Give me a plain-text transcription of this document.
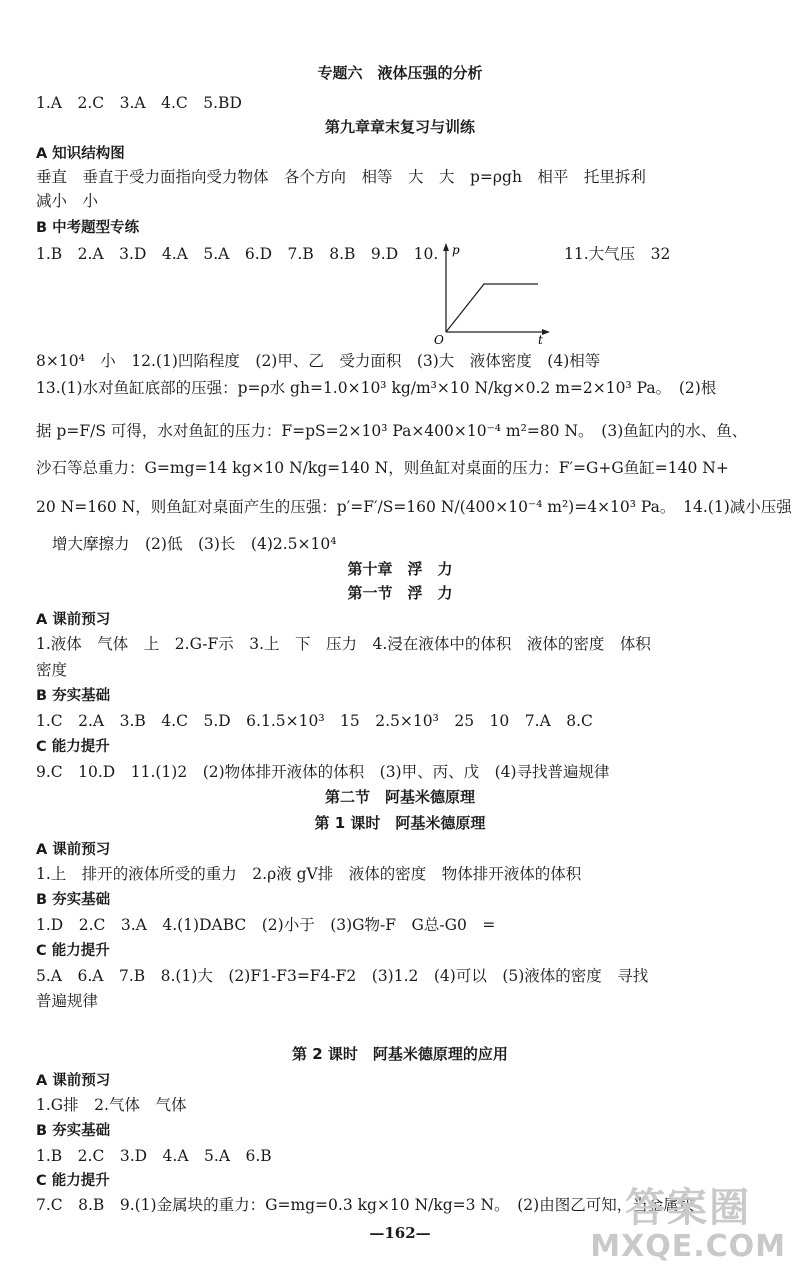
专题六　液体压强的分析
1.A　2.C　3.A　4.C　5.BD
第九章章末复习与训练
A 知识结构图
垂直　垂直于受力面指向受力物体　各个方向　相等　大　大　p=ρgh　相平　托里拆利
减小　小
B 中考题型专练
1.B　2.A　3.D　4.A　5.A　6.D　7.B　8.B　9.D　10.	11.大气压　32
p
t
O
8×10⁴　小　12.(1)凹陷程度　(2)甲、乙　受力面积　(3)大　液体密度　(4)相等
13.(1)水对鱼缸底部的压强：p=ρ水 gh=1.0×10³ kg/m³×10 N/kg×0.2 m=2×10³ Pa。　(2)根
据 p=F/S 可得，水对鱼缸的压力：F=pS=2×10³ Pa×400×10⁻⁴ m²=80 N。　(3)鱼缸内的水、鱼、
沙石等总重力：G=mg=14 kg×10 N/kg=140 N，则鱼缸对桌面的压力：F′=G+G鱼缸=140 N+
20 N=160 N，则鱼缸对桌面产生的压强：p′=F′/S=160 N/(400×10⁻⁴ m²)=4×10³ Pa。　14.(1)减小压强
增大摩擦力　(2)低　(3)长　(4)2.5×10⁴
第十章　浮　力
第一节　浮　力
A 课前预习
1.液体　气体　上　2.G-F示　3.上　下　压力　4.浸在液体中的体积　液体的密度　体积
密度
B 夯实基础
1.C　2.A　3.B　4.C　5.D　6.1.5×10³　15　2.5×10³　25　10　7.A　8.C
C 能力提升
9.C　10.D　11.(1)2　(2)物体排开液体的体积　(3)甲、丙、戊　(4)寻找普遍规律
第二节　阿基米德原理
第 1 课时　阿基米德原理
A 课前预习
1.上　排开的液体所受的重力　2.ρ液 gV排　液体的密度　物体排开液体的体积
B 夯实基础
1.D　2.C　3.A　4.(1)DABC　(2)小于　(3)G物-F　G总-G0　=
C 能力提升
5.A　6.A　7.B　8.(1)大　(2)F1-F3=F4-F2　(3)1.2　(4)可以　(5)液体的密度　寻找
普遍规律
第 2 课时　阿基米德原理的应用
A 课前预习
1.G排　2.气体　气体
B 夯实基础
1.B　2.C　3.D　4.A　5.A　6.B
C 能力提升
7.C　8.B　9.(1)金属块的重力：G=mg=0.3 kg×10 N/kg=3 N。　(2)由图乙可知，当金属块
—162—
答案圈
MXQE.COM
